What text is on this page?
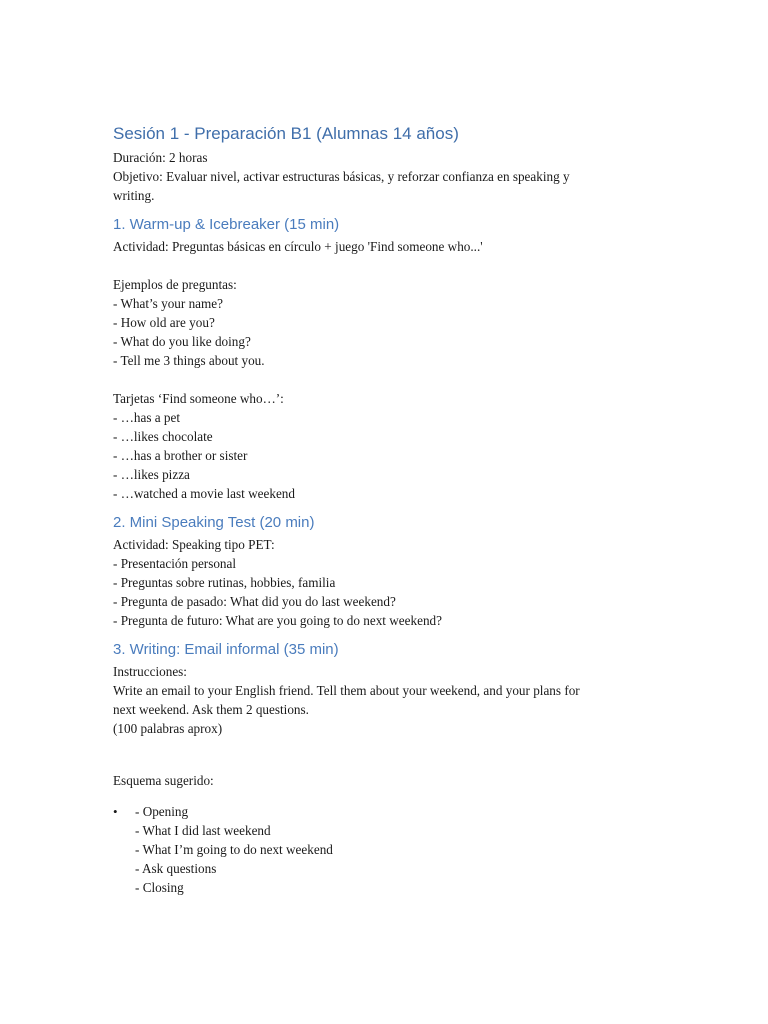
Sesión 1 - Preparación B1 (Alumnas 14 años)

Duración: 2 horas

Objetivo: Evaluar nivel, activar estructuras básicas, y reforzar confianza en speaking y

writing.

1. Warm-up & Icebreaker (15 min)

Actividad: Preguntas básicas en círculo + juego 'Find someone who...'

Ejemplos de preguntas:

- What’s your name?

- How old are you?

- What do you like doing?

- Tell me 3 things about you.

Tarjetas ‘Find someone who…’:

- …has a pet

- …likes chocolate

- …has a brother or sister

- …likes pizza

- …watched a movie last weekend

2. Mini Speaking Test (20 min)

Actividad: Speaking tipo PET:

- Presentación personal

- Preguntas sobre rutinas, hobbies, familia

- Pregunta de pasado: What did you do last weekend?

- Pregunta de futuro: What are you going to do next weekend?

3. Writing: Email informal (35 min)

Instrucciones:

Write an email to your English friend. Tell them about your weekend, and your plans for

next weekend. Ask them 2 questions.

(100 palabras aprox)

Esquema sugerido:

•	- Opening

- What I did last weekend

- What I’m going to do next weekend

- Ask questions

- Closing
